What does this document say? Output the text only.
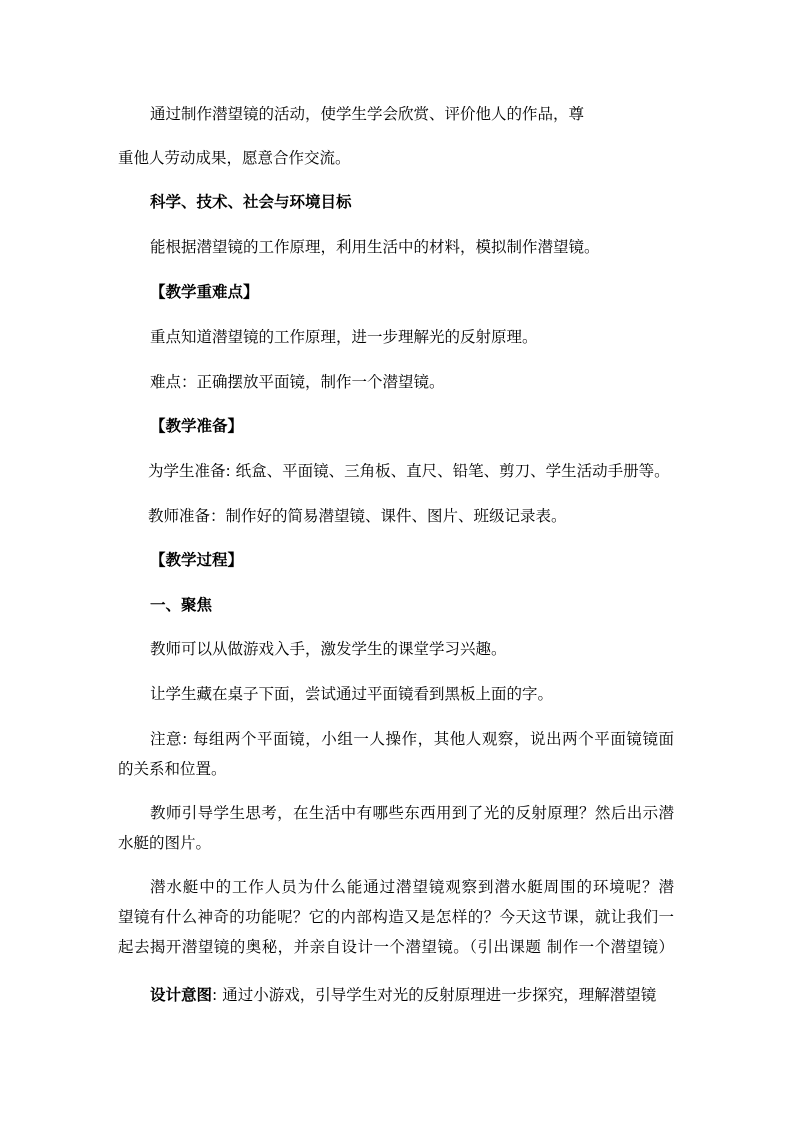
通过制作潜望镜的活动，使学生学会欣赏、评价他人的作品，尊
重他人劳动成果，愿意合作交流。
科学、技术、社会与环境目标
能根据潜望镜的工作原理，利用生活中的材料，模拟制作潜望镜。
【教学重难点】
重点知道潜望镜的工作原理，进一步理解光的反射原理。
难点：正确摆放平面镜，制作一个潜望镜。
【教学准备】
为学生准备: 纸盒、平面镜、三角板、直尺、铅笔、剪刀、学生活动手册等。
教师准备：制作好的简易潜望镜、课件、图片、班级记录表。
【教学过程】
一、聚焦
教师可以从做游戏入手，激发学生的课堂学习兴趣。
让学生藏在桌子下面，尝试通过平面镜看到黑板上面的字。
注意: 每组两个平面镜，小组一人操作，其他人观察，说出两个平面镜镜面
的关系和位置。
教师引导学生思考，在生活中有哪些东西用到了光的反射原理？然后出示潜
水艇的图片。
潜水艇中的工作人员为什么能通过潜望镜观察到潜水艇周围的环境呢？潜
望镜有什么神奇的功能呢？它的内部构造又是怎样的？今天这节课，就让我们一
起去揭开潜望镜的奥秘，并亲自设计一个潜望镜。（引出课题 制作一个潜望镜）
设计意图: 通过小游戏，引导学生对光的反射原理进一步探究，理解潜望镜
